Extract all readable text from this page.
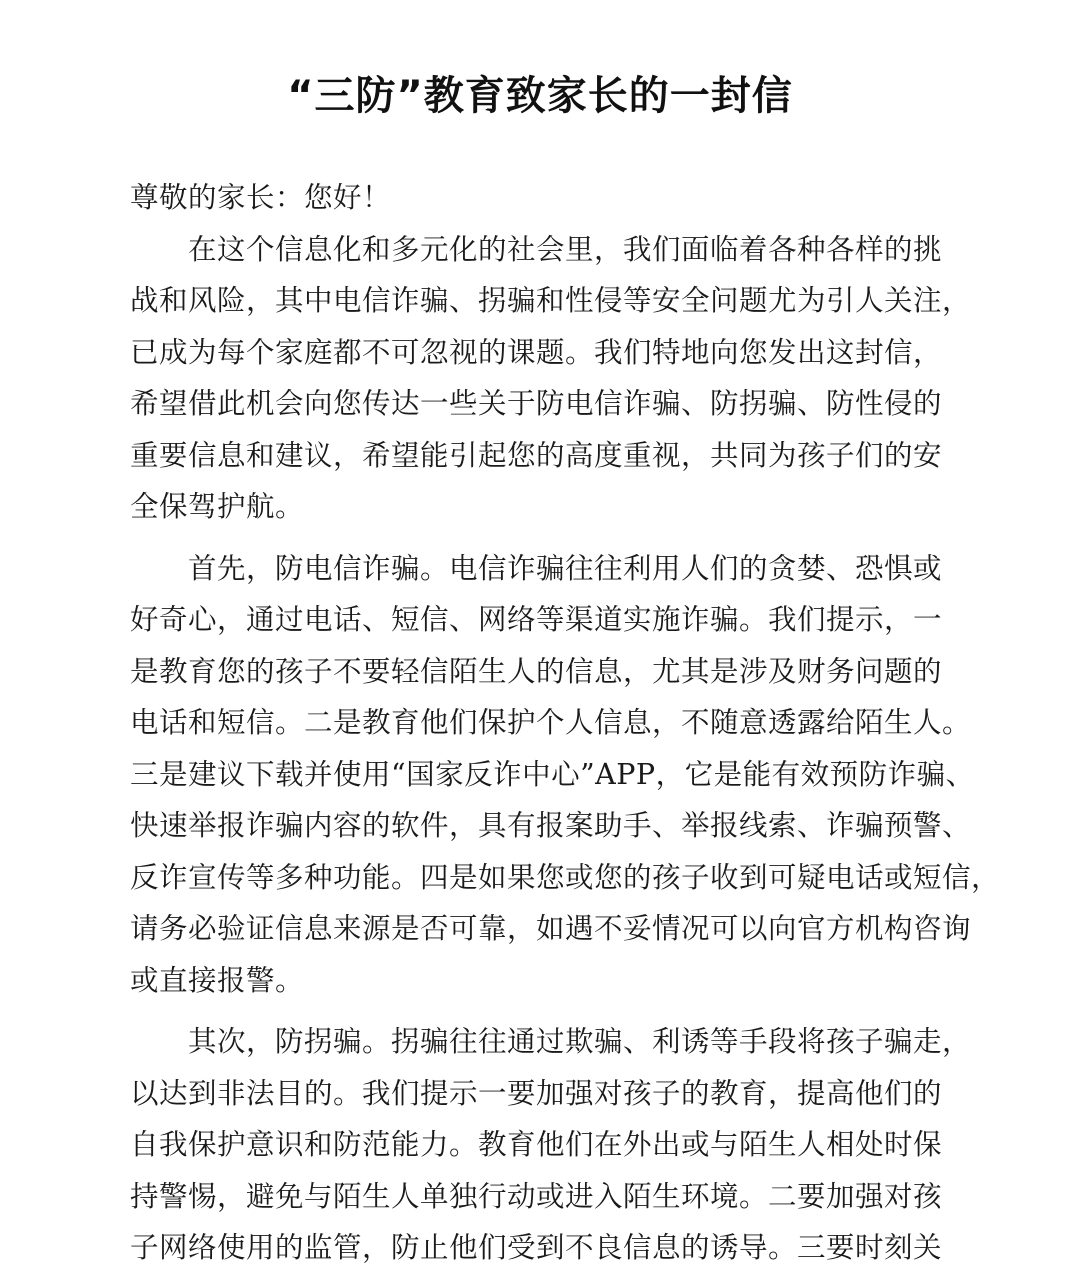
“三防”教育致家长的一封信

尊敬的家长：您好！

　　在这个信息化和多元化的社会里，我们面临着各种各样的挑
战和风险，其中电信诈骗、拐骗和性侵等安全问题尤为引人关注，
已成为每个家庭都不可忽视的课题。我们特地向您发出这封信，
希望借此机会向您传达一些关于防电信诈骗、防拐骗、防性侵的
重要信息和建议，希望能引起您的高度重视，共同为孩子们的安
全保驾护航。
　　首先，防电信诈骗。电信诈骗往往利用人们的贪婪、恐惧或
好奇心，通过电话、短信、网络等渠道实施诈骗。我们提示，一
是教育您的孩子不要轻信陌生人的信息，尤其是涉及财务问题的
电话和短信。二是教育他们保护个人信息，不随意透露给陌生人。
三是建议下载并使用“国家反诈中心”APP，它是能有效预防诈骗、
快速举报诈骗内容的软件，具有报案助手、举报线索、诈骗预警、
反诈宣传等多种功能。四是如果您或您的孩子收到可疑电话或短信，
请务必验证信息来源是否可靠，如遇不妥情况可以向官方机构咨询
或直接报警。
　　其次，防拐骗。拐骗往往通过欺骗、利诱等手段将孩子骗走，
以达到非法目的。我们提示一要加强对孩子的教育，提高他们的
自我保护意识和防范能力。教育他们在外出或与陌生人相处时保
持警惕，避免与陌生人单独行动或进入陌生环境。二要加强对孩
子网络使用的监管，防止他们受到不良信息的诱导。三要时刻关
